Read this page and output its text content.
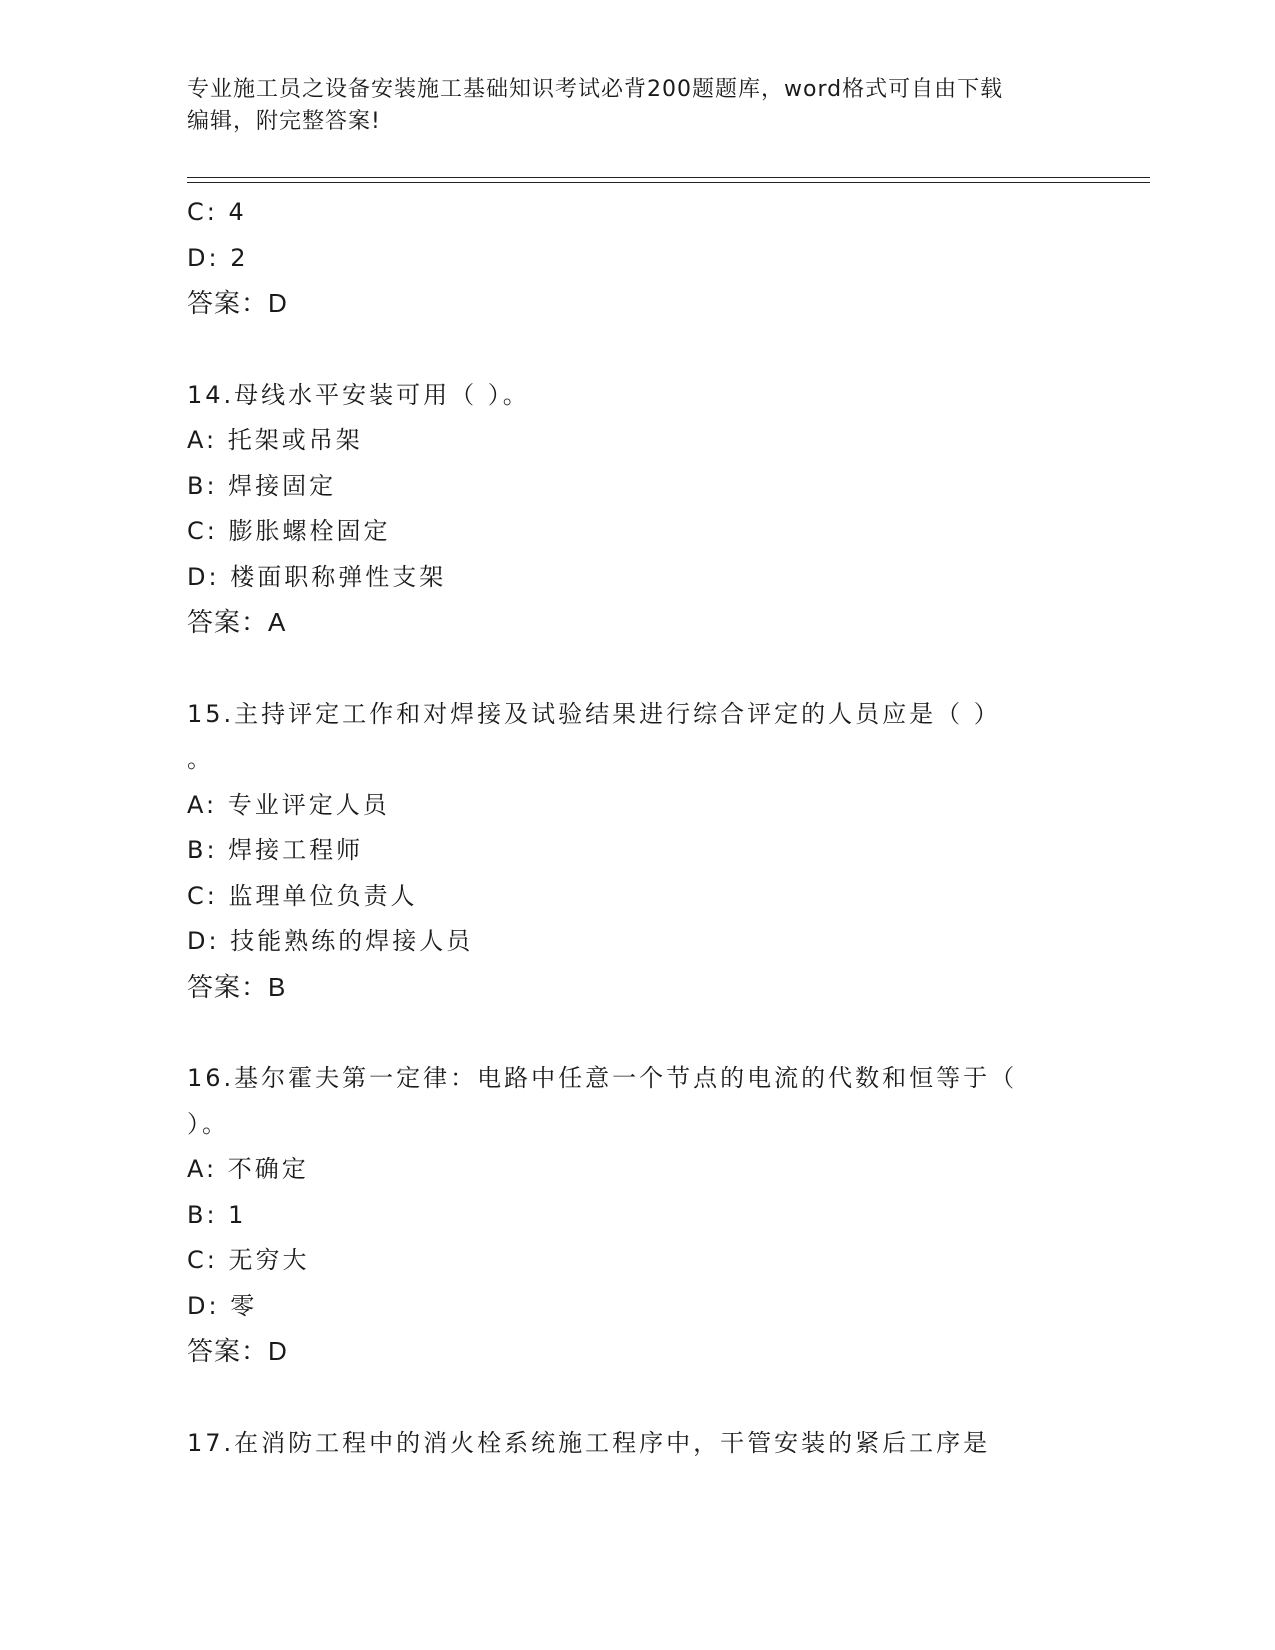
专业施工员之设备安装施工基础知识考试必背200题题库，word格式可自由下载
编辑，附完整答案!
C: 4
D: 2
答案：D
14.母线水平安装可用（ ）。
A: 托架或吊架
B: 焊接固定
C: 膨胀螺栓固定
D: 楼面职称弹性支架
答案：A
15.主持评定工作和对焊接及试验结果进行综合评定的人员应是（ ）
。
A: 专业评定人员
B: 焊接工程师
C: 监理单位负责人
D: 技能熟练的焊接人员
答案：B
16.基尔霍夫第一定律：电路中任意一个节点的电流的代数和恒等于（
）。
A: 不确定
B: 1
C: 无穷大
D: 零
答案：D
17.在消防工程中的消火栓系统施工程序中，干管安装的紧后工序是
